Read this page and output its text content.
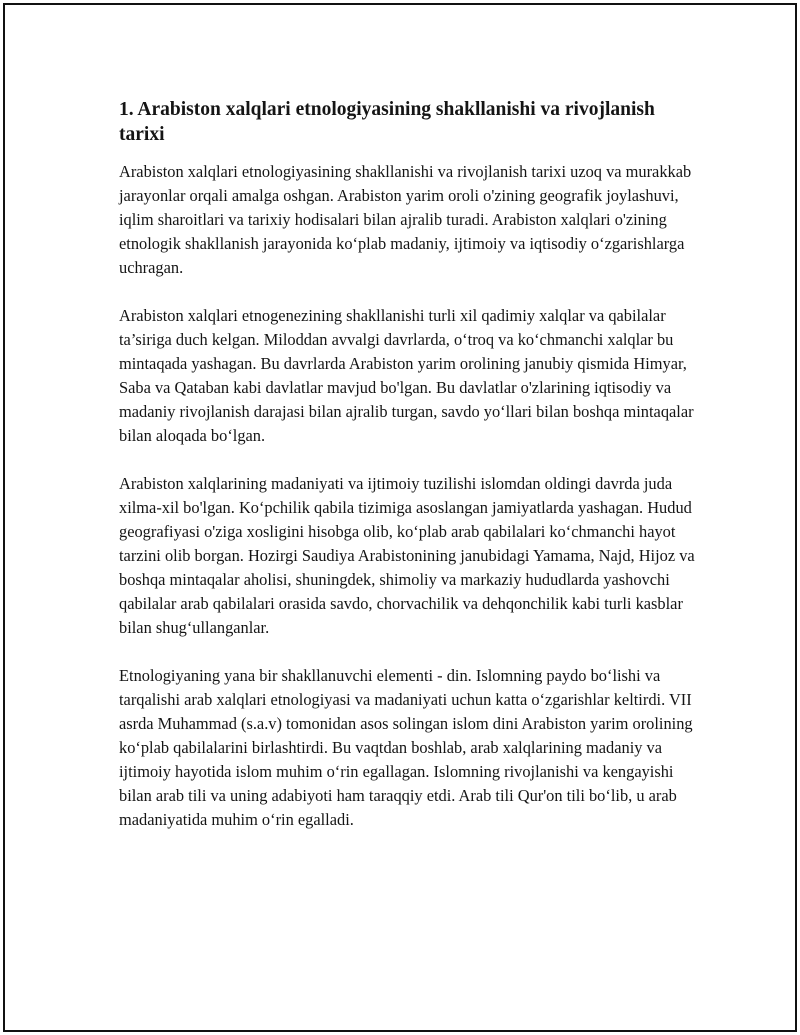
1. Arabiston xalqlari etnologiyasining shakllanishi va rivojlanish tarixi

Arabiston xalqlari etnologiyasining shakllanishi va rivojlanish tarixi uzoq va murakkab jarayonlar orqali amalga oshgan. Arabiston yarim oroli o'zining geografik joylashuvi, iqlim sharoitlari va tarixiy hodisalari bilan ajralib turadi. Arabiston xalqlari o'zining etnologik shakllanish jarayonida ko‘plab madaniy, ijtimoiy va iqtisodiy o‘zgarishlarga uchragan.

Arabiston xalqlari etnogenezining shakllanishi turli xil qadimiy xalqlar va qabilalar ta’siriga duch kelgan. Miloddan avvalgi davrlarda, o‘troq va ko‘chmanchi xalqlar bu mintaqada yashagan. Bu davrlarda Arabiston yarim orolining janubiy qismida Himyar, Saba va Qataban kabi davlatlar mavjud bo'lgan. Bu davlatlar o'zlarining iqtisodiy va madaniy rivojlanish darajasi bilan ajralib turgan, savdo yo‘llari bilan boshqa mintaqalar bilan aloqada bo‘lgan.

Arabiston xalqlarining madaniyati va ijtimoiy tuzilishi islomdan oldingi davrda juda xilma-xil bo'lgan. Ko‘pchilik qabila tizimiga asoslangan jamiyatlarda yashagan. Hudud geografiyasi o'ziga xosligini hisobga olib, ko‘plab arab qabilalari ko‘chmanchi hayot tarzini olib borgan. Hozirgi Saudiya Arabistonining janubidagi Yamama, Najd, Hijoz va boshqa mintaqalar aholisi, shuningdek, shimoliy va markaziy hududlarda yashovchi qabilalar arab qabilalari orasida savdo, chorvachilik va dehqonchilik kabi turli kasblar bilan shug‘ullanganlar.

Etnologiyaning yana bir shakllanuvchi elementi - din. Islomning paydo bo‘lishi va tarqalishi arab xalqlari etnologiyasi va madaniyati uchun katta o‘zgarishlar keltirdi. VII asrda Muhammad (s.a.v) tomonidan asos solingan islom dini Arabiston yarim orolining ko‘plab qabilalarini birlashtirdi. Bu vaqtdan boshlab, arab xalqlarining madaniy va ijtimoiy hayotida islom muhim o‘rin egallagan. Islomning rivojlanishi va kengayishi bilan arab tili va uning adabiyoti ham taraqqiy etdi. Arab tili Qur'on tili bo‘lib, u arab madaniyatida muhim o‘rin egalladi.
